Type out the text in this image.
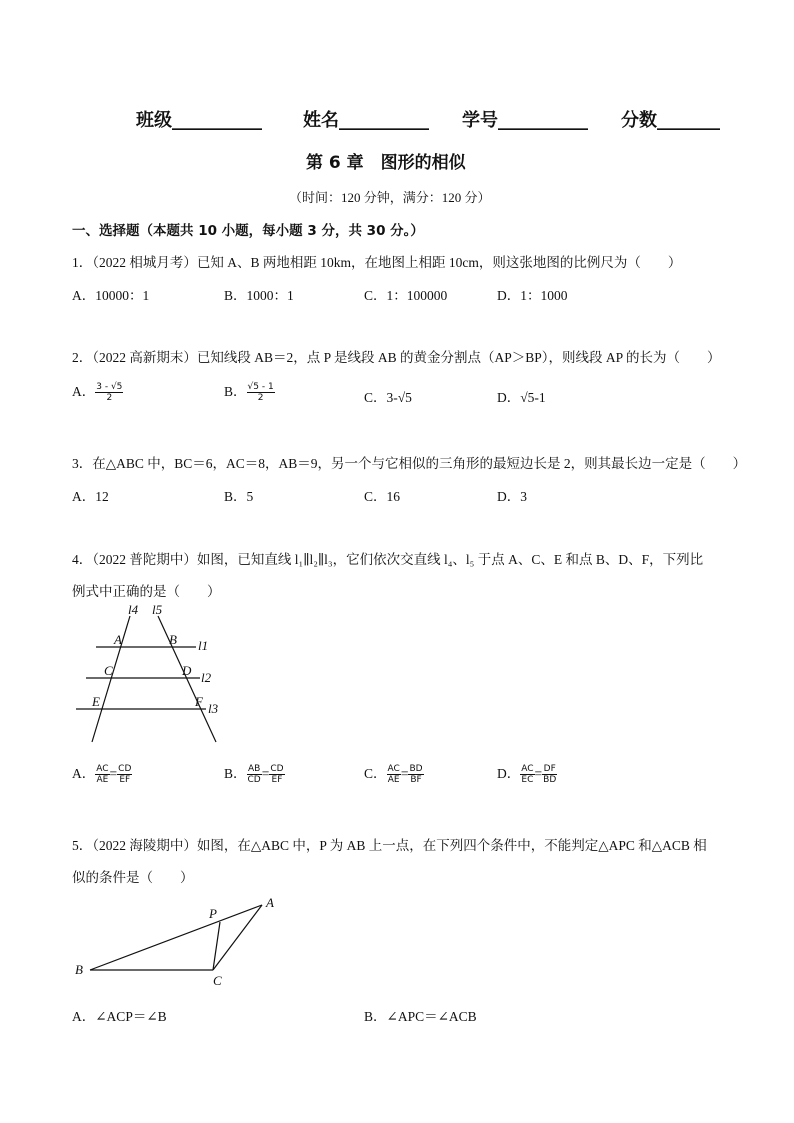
班级__________ 姓名__________ 学号__________ 分数_______
第 6 章　图形的相似
（时间：120 分钟，满分：120 分）
一、选择题（本题共 10 小题，每小题 3 分，共 30 分。）
1．（2022 相城月考）已知 A、B 两地相距 10km，在地图上相距 10cm，则这张地图的比例尺为（　　）
A．10000：1	B．1000：1	C．1：100000	D．1：1000
2．（2022 高新期末）已知线段 AB＝2，点 P 是线段 AB 的黄金分割点（AP＞BP），则线段 AP 的长为（　　）
A． $\frac{3 - √5}{2}$	B． $\frac{√5 - 1}{2}$	C．3-√5	D．√5-1
3．在△ABC 中，BC＝6，AC＝8，AB＝9，另一个与它相似的三角形的最短边长是 2，则其最长边一定是（　　）
A．12	B．5	C．16	D．3
4．（2022 普陀期中）如图，已知直线 l₁∥l₂∥l₃，它们依次交直线 l₄、l₅ 于点 A、C、E 和点 B、D、F，下列比
例式中正确的是（　　）
l4 l5
l1
l2
l3
A	B
C	D
E	F
A． $\frac{AC}{AE} = \frac{CD}{EF}$	B． $\frac{AB}{CD} = \frac{CD}{EF}$	C． $\frac{AC}{AE} = \frac{BD}{BF}$	D． $\frac{AC}{EC} = \frac{DF}{BD}$
5．（2022 海陵期中）如图，在△ABC 中，P 为 AB 上一点，在下列四个条件中，不能判定△APC 和△ACB 相
似的条件是（　　）
A
B
C
P
A．∠ACP＝∠B	B．∠APC＝∠ACB
